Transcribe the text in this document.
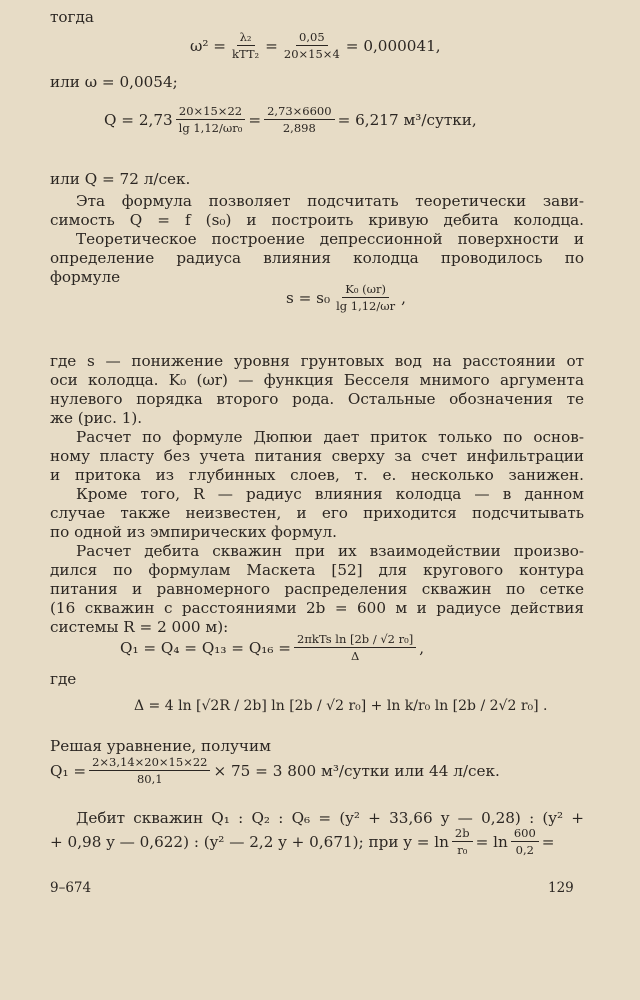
тогда
$\omega^2 = \frac{\text{λ₂}}{\text{kTT₂}} = \frac{0,05}{20\times 15\times 4} = 0,000041$,
или ω = 0,0054;
$Q = 2,73 \frac{20\times 15\times 22}{\text{lg 1,12/ωr₀}} = \frac{2,73\times 6600}{2,898} = 6,217$ м³/сутки,
или Q = 72 л/сек.
Эта формула позволяет подсчитать теоретически зави-
симость Q = f (s₀) и построить кривую дебита колодца.
Теоретическое построение депрессионной поверхности и
определение радиуса влияния колодца проводилось по
формуле
$s = s_0 \frac{\text{K₀ (ωr)}}{\lg 1,12/\omega r}$ ,
где s — понижение уровня грунтовых вод на расстоянии от
оси колодца. K₀ (ωr) — функция Бесселя мнимого аргумента
нулевого порядка второго рода. Остальные обозначения те
же (рис. 1).
Расчет по формуле Дюпюи дает приток только по основ-
ному пласту без учета питания сверху за счет инфильтрации
и притока из глубинных слоев, т. е. несколько занижен.
Кроме того, R — радиус влияния колодца — в данном
случае также неизвестен, и его приходится подсчитывать
по одной из эмпирических формул.
Расчет дебита скважин при их взаимодействии произво-
дился по формулам Маскета [52] для кругового контура
питания и равномерного распределения скважин по сетке
(16 скважин с расстояниями 2b = 600 м и радиусе действия
системы R = 2 000 м):
$Q_1 = Q_4 = Q_{13} = Q_{16} = \frac{\text{2πkTs ln [2b / √2 r₀]}}{\Delta}$ ,
где
Δ = 4 ln [√2R / 2b] ln [2b / √2 r₀] + ln k/r₀ ln [2b / 2√2 r₀] .
Решая уравнение, получим
$Q_1 = \frac{2\times 3,14\times 20\times 15\times 22}{80,1} \times 75 = 3$ 800 м³/сутки или 44 л/сек.
Дебит скважин Q₁ : Q₂ : Q₆ = (y² + 33,66 y — 0,28) : (y² +
+ 0,98 y — 0,622) : (y² — 2,2 y + 0,671); при $y = \ln \frac{2b}{\text{r₀}} = \ln \frac{600}{0,2}$ =
9–674	129
